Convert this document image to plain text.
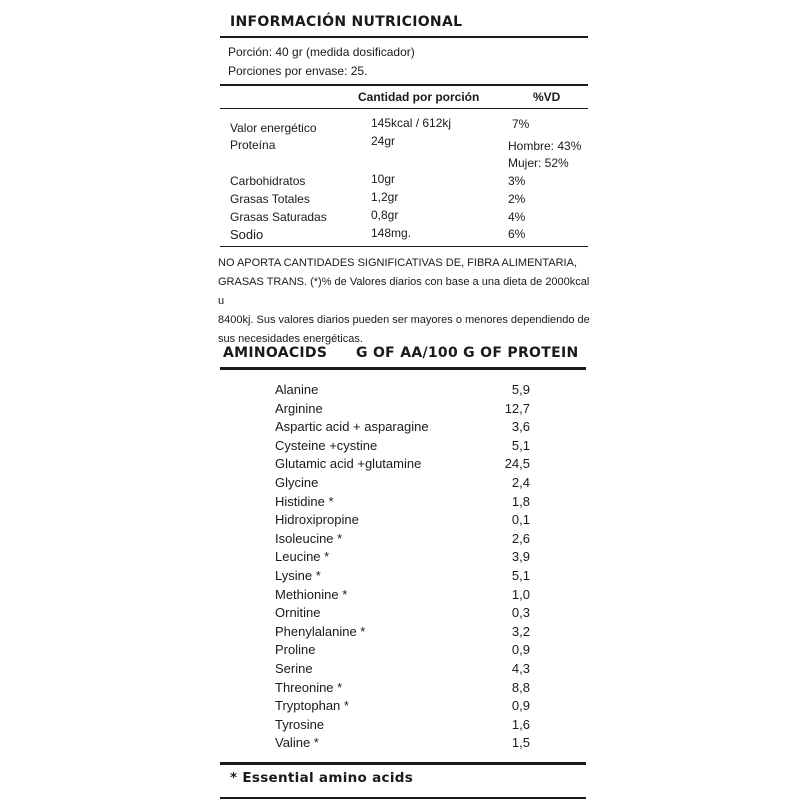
INFORMACIÓN NUTRICIONAL
Porción: 40 gr (medida dosificador)
Porciones por envase: 25.
Cantidad por porción	%VD
Valor energético	145kcal / 612kj	7%
Proteína	24gr	Hombre: 43%
Mujer: 52%
Carbohidratos	10gr	3%
Grasas Totales	1,2gr	2%
Grasas Saturadas	0,8gr	4%
Sodio	148mg.	6%
NO APORTA CANTIDADES SIGNIFICATIVAS DE, FIBRA ALIMENTARIA,
GRASAS TRANS. (*)% de Valores diarios con base a una dieta de 2000kcal u
8400kj. Sus valores diarios pueden ser mayores o menores dependiendo de
sus necesidades energéticas.
AMINOACIDS G OF AA/100 G OF PROTEIN
Alanine	5,9
Arginine	12,7
Aspartic acid + asparagine	3,6
Cysteine +cystine	5,1
Glutamic acid +glutamine	24,5
Glycine	2,4
Histidine *	1,8
Hidroxipropine	0,1
Isoleucine *	2,6
Leucine *	3,9
Lysine *	5,1
Methionine *	1,0
Ornitine	0,3
Phenylalanine *	3,2
Proline	0,9
Serine	4,3
Threonine *	8,8
Tryptophan *	0,9
Tyrosine	1,6
Valine *	1,5
* Essential amino acids
